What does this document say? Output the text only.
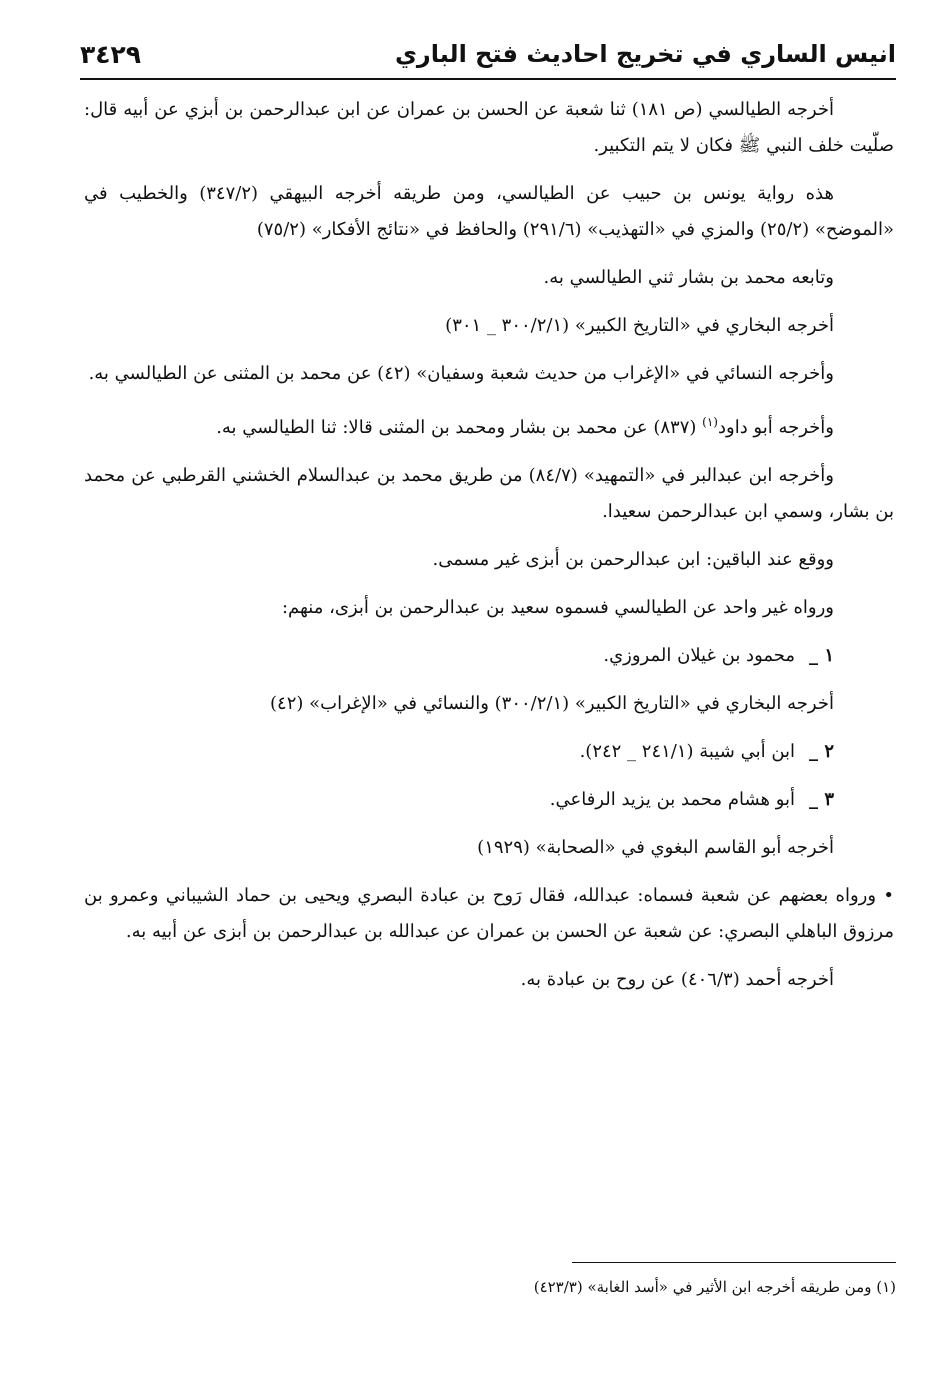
٣٤٢٩	انيس الساري في تخريج احاديث فتح الباري

أخرجه الطيالسي (ص ١٨١) ثنا شعبة عن الحسن بن عمران عن ابن عبدالرحمن بن أبزي عن أبيه قال: صلّيت خلف النبي ﷺ فكان لا يتم التكبير.

هذه رواية يونس بن حبيب عن الطيالسي، ومن طريقه أخرجه البيهقي (٣٤٧/٢) والخطيب في «الموضح» (٢٥/٢) والمزي في «التهذيب» (٢٩١/٦) والحافظ في «نتائج الأفكار» (٧٥/٢)

وتابعه محمد بن بشار ثني الطيالسي به.

أخرجه البخاري في «التاريخ الكبير» (٣٠٠/٢/١ _ ٣٠١)

وأخرجه النسائي في «الإغراب من حديث شعبة وسفيان» (٤٢) عن محمد بن المثنى عن الطيالسي به.

وأخرجه أبو داود$^{(١)}$ (٨٣٧) عن محمد بن بشار ومحمد بن المثنى قالا: ثنا الطيالسي به.

وأخرجه ابن عبدالبر في «التمهيد» (٨٤/٧) من طريق محمد بن عبدالسلام الخشني القرطبي عن محمد بن بشار، وسمي ابن عبدالرحمن سعيدا.

ووقع عند الباقين: ابن عبدالرحمن بن أبزى غير مسمى.

ورواه غير واحد عن الطيالسي فسموه سعيد بن عبدالرحمن بن أبزى، منهم:

١ _محمود بن غيلان المروزي.

أخرجه البخاري في «التاريخ الكبير» (٣٠٠/٢/١) والنسائي في «الإغراب» (٤٢)

٢ _ابن أبي شيبة (٢٤١/١ _ ٢٤٢).

٣ _أبو هشام محمد بن يزيد الرفاعي.

أخرجه أبو القاسم البغوي في «الصحابة» (١٩٢٩)

• ورواه بعضهم عن شعبة فسماه: عبدالله، فقال رَوح بن عبادة البصري ويحيى بن حماد الشيباني وعمرو بن مرزوق الباهلي البصري: عن شعبة عن الحسن بن عمران عن عبدالله بن عبدالرحمن بن أبزى عن أبيه به.

أخرجه أحمد (٤٠٦/٣) عن روح بن عبادة به.

(١) ومن طريقه أخرجه ابن الأثير في «أسد الغابة» (٤٢٣/٣)
